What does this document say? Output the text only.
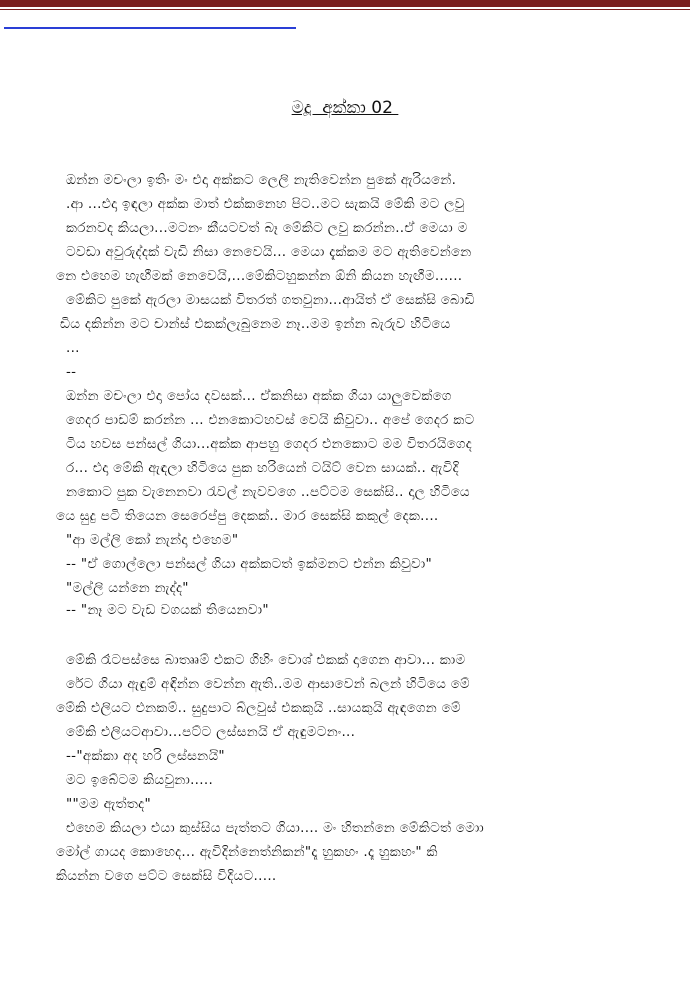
මදූ  අක්කා 02
ඔන්න මචංලා ඉතිං මං එදා අක්කට ලෙලි නැතිවෙන්න පුකේ ඇරියනේ.
.ආ ...එදා ඉඳලා අක්ක මාත් එක්කනෙහ පිට..මට සැකයි මේකි මට ලවු
කරනවද කියලා...මටනං කීයටවත් බෑ මේකිට ලවු කරන්න..ඒ මෙයා ම
ටවඩා අවුරුද්දක් වැඩි නිසා නෙවෙයි... මෙයා දැක්කම මට ඇතිවෙන්නෙ
නෙ එහෙම හැඟීමක් නෙවෙයි,...මේකිටහුකන්න ඕනි කියන හැඟීම......
මේකිට පුකේ ඇරලා මාසයක් විතරත් ගතවුනා...ආයිත් ඒ සෙක්සි බොඩි
ඩිය දකින්න මට චාන්ස් එකක්ලැබුනෙම නෑ..මම ඉන්න බැරුව හිටියෙ
...
--
ඔන්න මචංලා එදා පෝය දවසක්... ඒකනිසා අක්ක ගියා යාලුවෙක්ගෙ
ගෙදර පාඩම් කරන්න ... එනකොටහවස් වෙයි කිවුවා.. අපේ ගෙදර කට
ටිය හවස පන්සල් ගියා...අක්ක ආපහු ගෙදර එනකොට මම විතරයිගෙද
ර... එදා මේකි ඇඳලා හිටියෙ පුක හරියෙන් ටයිට් වෙන සායක්.. ඇවිදි
නකොට පුක වැනෙනවා රැවල් නැවවගෙ ..පට්ටම සෙක්සි.. දාල හිටියෙ
යෙ සුදු පටි තියෙන සෙරෙප්පු දෙකක්.. මාර සෙක්සි කකුල් දෙක....
"ආ මල්ලි කෝ නැන්දා එහෙම"
-- "ඒ ගොල්ලො පන්සල් ගියා අක්කටත් ඉක්මනට එන්න කිවුවා"
"මල්ලි යන්නෙ නැද්ද"
-- "නෑ මට වැඩ වගයක් තියෙනවා"
මේකි රෑටපස්සෙ බාත්‍රූම් එකට ගිහිං වොශ් එකක් දාගෙන ආවා... කාම
රේට ගියා ඇඳුම් අඳින්න වෙන්න ඇති..මම ආසාවෙන් බලන් හිටියෙ මේ
මේකි එලියට එනකම්.. සුදුපාට බ්ලවුස් එකකුයි ..සායකුයි ඇඳගෙන මේ
මේකි එලියටආවා...පට්ට ලස්සනයි ඒ ඇඳුමටනං...
--"අක්කා අද හරි ලස්සනයි"
මට ඉබේටම කියවුනා.....
""මම ඇත්තද"
එහෙම කියලා එයා කුස්සිය පැත්තට ගියා.... මං හිතන්නෙ මේකිටත් මොා
මෝල් ගායද කොහෙද... ඇවිදින්නෙත්නිකන්"දෑ හුකහං .දෑ හුකහං" කි
කියන්න වගෙ පට්ට සෙක්සි විදියට.....
